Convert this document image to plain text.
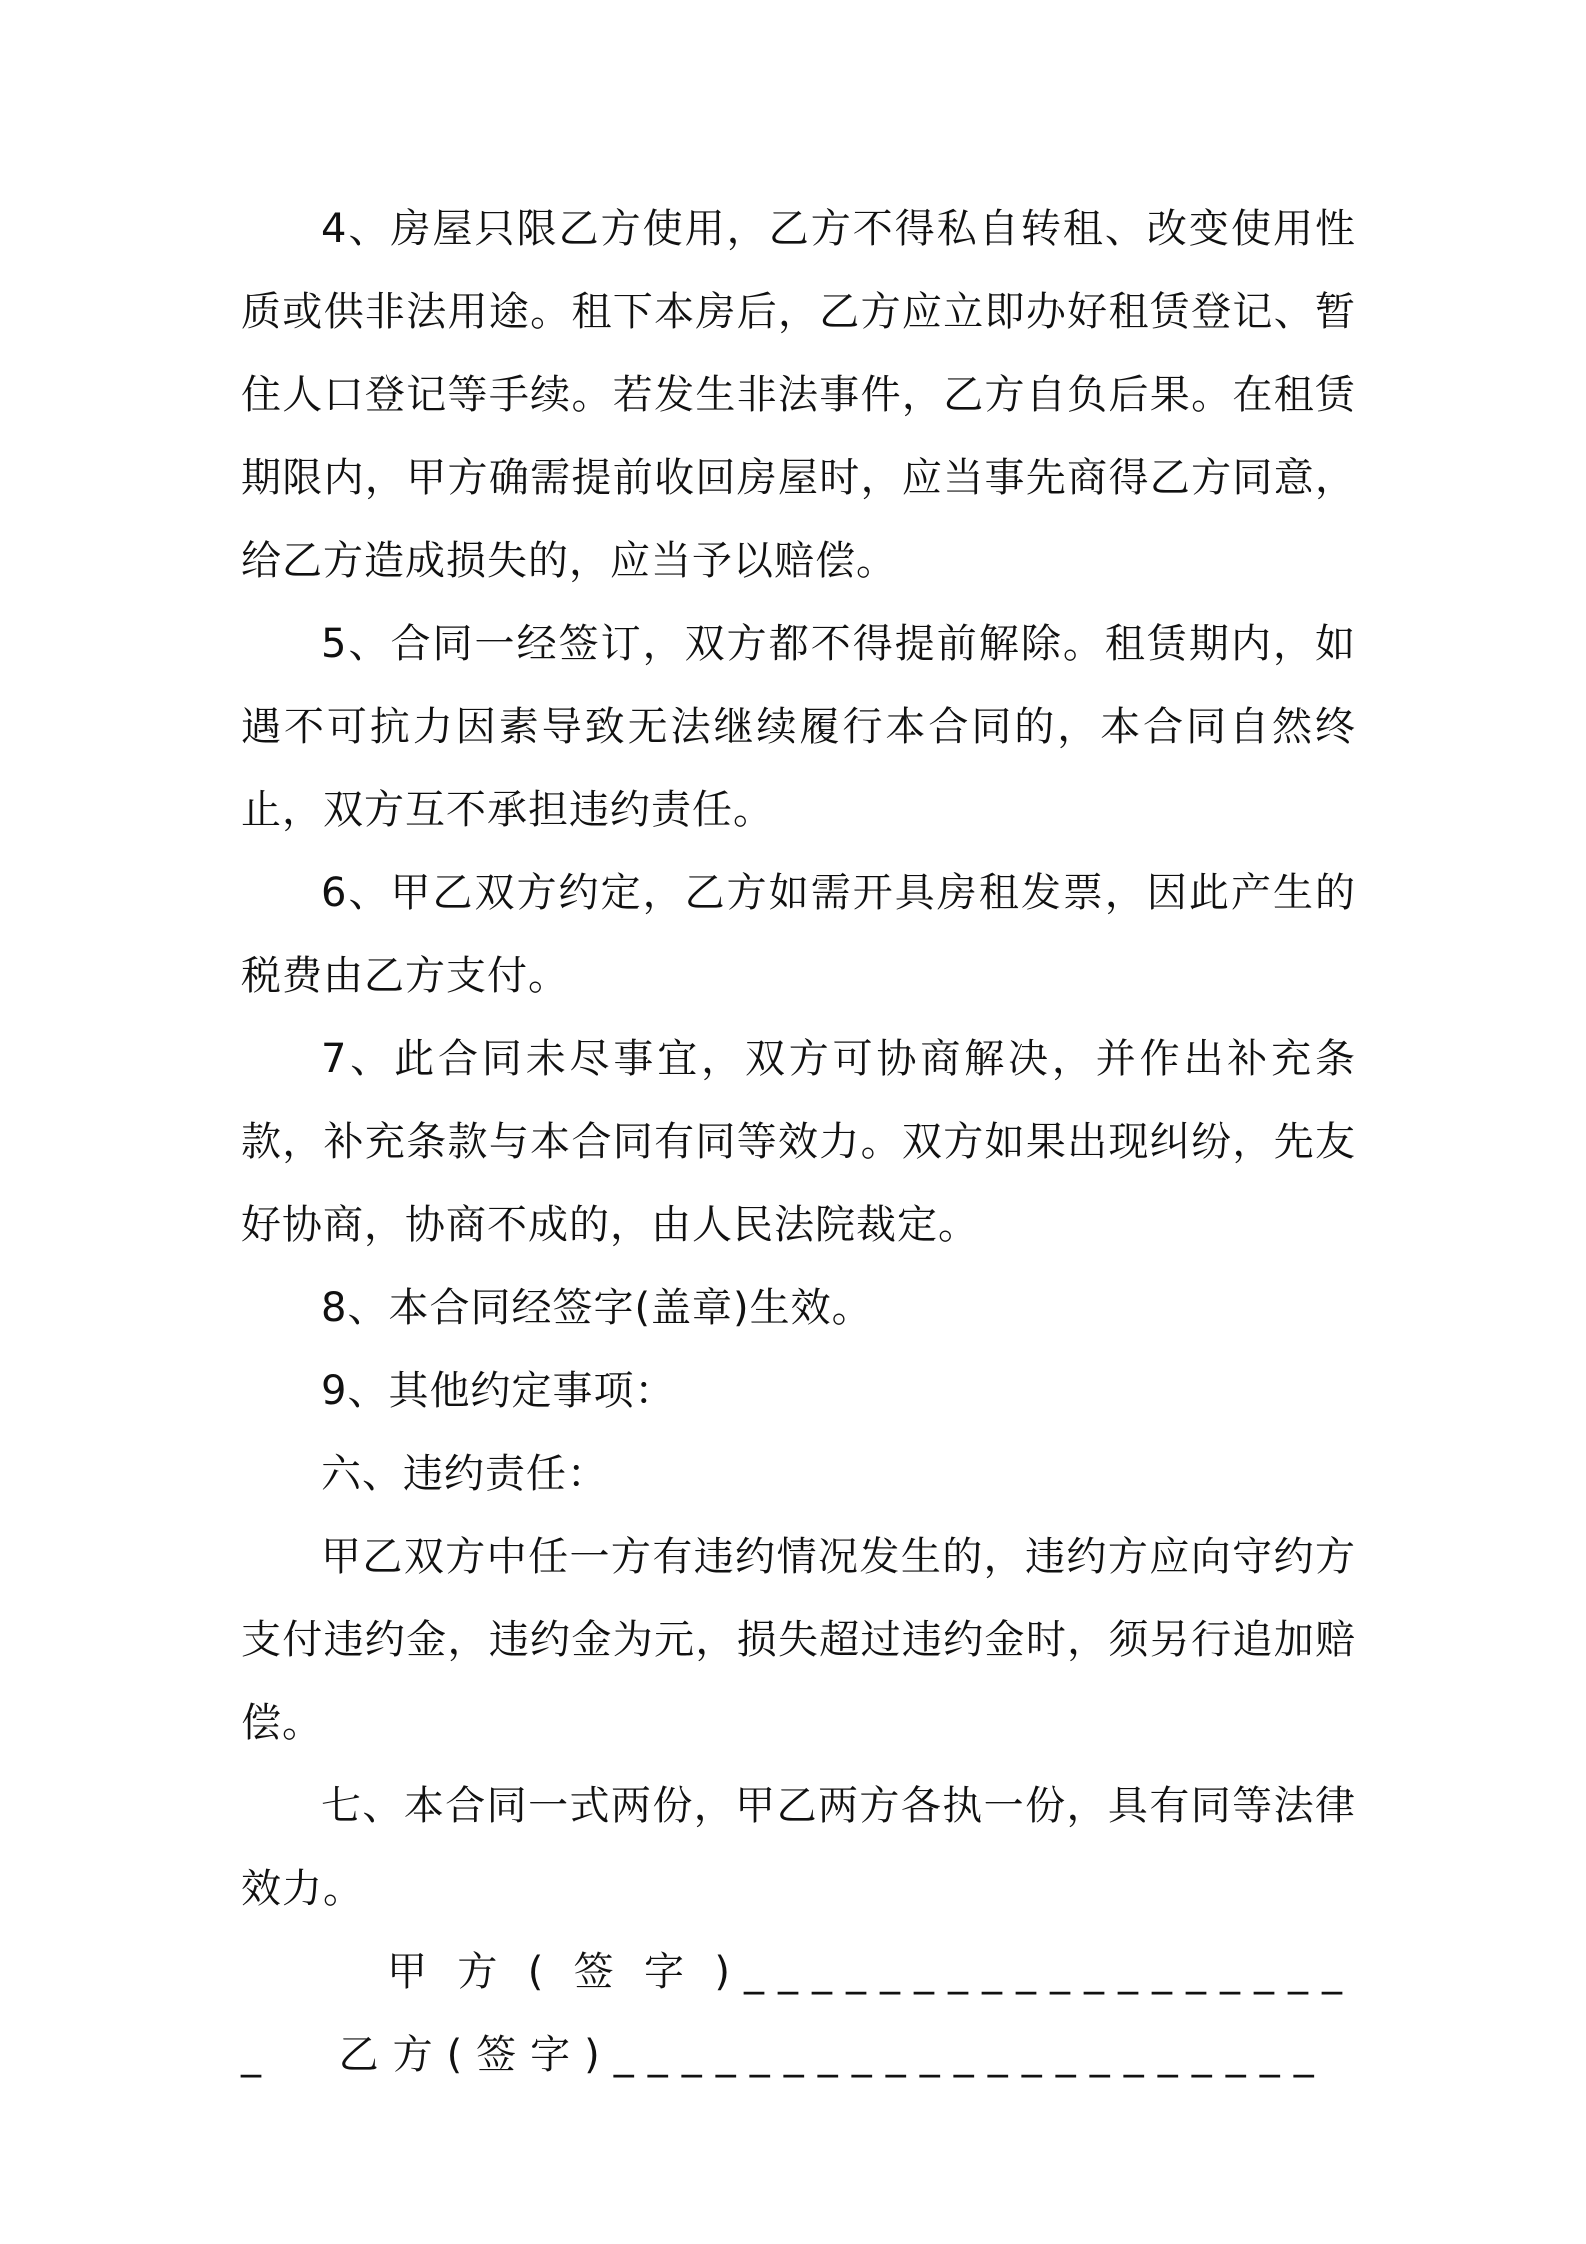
4、房屋只限乙方使用，乙方不得私自转租、改变使用性质或供非法用途。租下本房后，乙方应立即办好租赁登记、暂住人口登记等手续。若发生非法事件，乙方自负后果。在租赁期限内，甲方确需提前收回房屋时，应当事先商得乙方同意，给乙方造成损失的，应当予以赔偿。

5、合同一经签订，双方都不得提前解除。租赁期内，如遇不可抗力因素导致无法继续履行本合同的，本合同自然终止，双方互不承担违约责任。

6、甲乙双方约定，乙方如需开具房租发票，因此产生的税费由乙方支付。

7、此合同未尽事宜，双方可协商解决，并作出补充条款，补充条款与本合同有同等效力。双方如果出现纠纷，先友好协商，协商不成的，由人民法院裁定。

8、本合同经签字(盖章)生效。

9、其他约定事项：

六、违约责任：

甲乙双方中任一方有违约情况发生的，违约方应向守约方支付违约金，违约金为元，损失超过违约金时，须另行追加赔偿。

七、本合同一式两份，甲乙两方各执一份，具有同等法律效力。

甲方(签字)___________________ 乙方(签字)_____________________
